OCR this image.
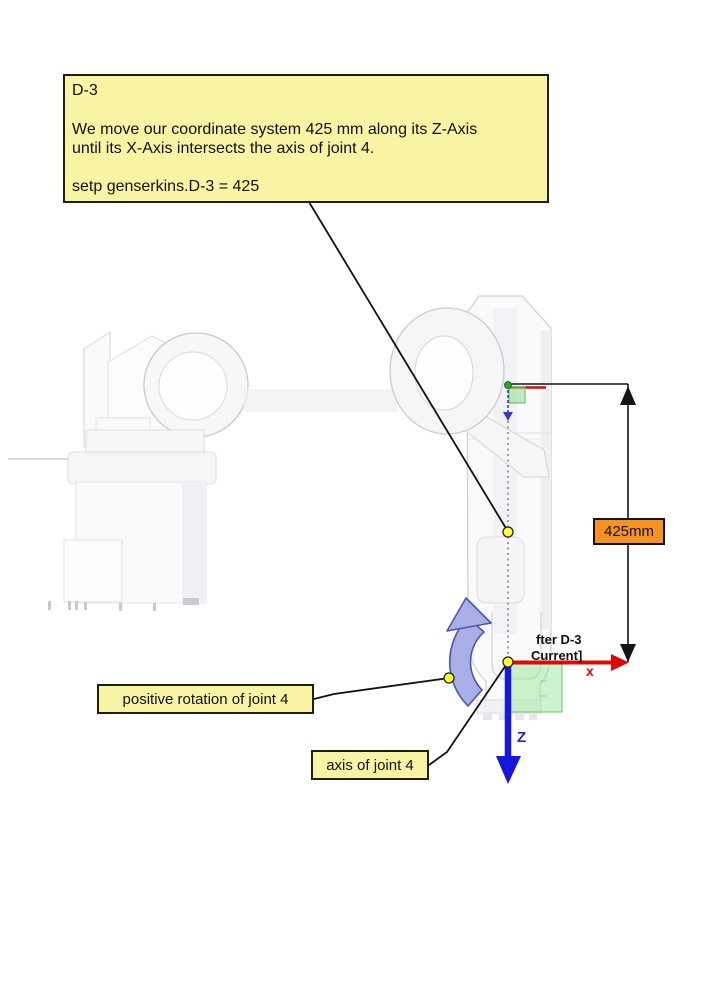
D-3
We move our coordinate system 425 mm along its Z-Axis
until its X-Axis intersects the axis of joint 4.
setp genserkins.D-3 = 425
positive rotation of joint 4
axis of joint 4
425mm
fter D-3
Current]
x
Z
